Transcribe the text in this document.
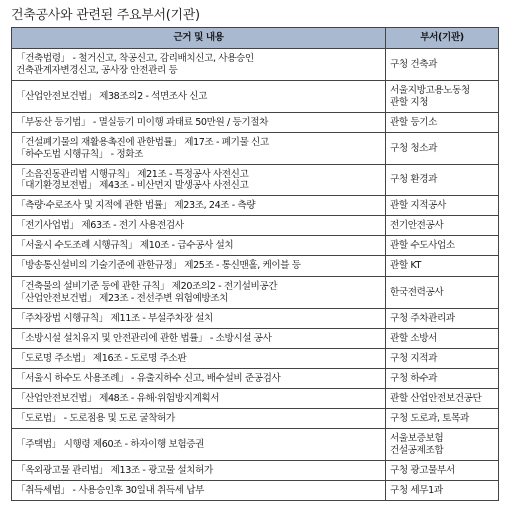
건축공사와 관련된 주요부서(기관)
근거 및 내용	부서(기관)
「건축법령」 - 철거신고, 착공신고, 감리배치신고, 사용승인
건축관계자변경신고, 공사장 안전관리 등	구청 건축과
「산업안전보건법」 제38조의2 - 석면조사 신고	서울지방고용노동청
관할 지청
「부동산 등기법」 - 멸실등기 미이행 과태료 50만원 / 등기절차	관할 등기소
「건설폐기물의 재활용촉진에 관한법률」 제17조 - 폐기물 신고
「하수도법 시행규칙」 - 정화조	구청 청소과
「소음진동관리법 시행규칙」 제21조 - 특정공사 사전신고
「대기환경보전법」 제43조 - 비산먼지 발생공사 사전신고	구청 환경과
「측량·수로조사 및 지적에 관한 법률」 제23조, 24조 - 측량	관할 지적공사
「전기사업법」 제63조 - 전기 사용전검사	전기안전공사
「서울시 수도조례 시행규칙」 제10조 - 급수공사 설치	관할 수도사업소
「방송통신설비의 기술기준에 관한규정」 제25조 - 통신맨홀, 케이블 등	관할 KT
「건축물의 설비기준 등에 관한 규칙」 제20조의2 - 전기설비공간
「산업안전보건법」 제23조 - 전선주변 위험예방조치	한국전력공사
「주차장법 시행규칙」 제11조 - 부설주차장 설치	구청 주차관리과
「소방시설 설치유지 및 안전관리에 관한 법률」 - 소방시설 공사	관할 소방서
「도로명 주소법」 제16조 - 도로명 주소판	구청 지적과
「서울시 하수도 사용조례」 - 유출지하수 신고, 배수설비 준공검사	구청 하수과
「산업안전보건법」 제48조 - 유해·위험방지계획서	관할 산업안전보건공단
「도로법」 - 도로점용 및 도로 굴착허가	구청 도로과, 토목과
「주택법」 시행령 제60조 - 하자이행 보험증권	서울보증보험
건설공제조합
「옥외광고물 관리법」 제13조 - 광고물 설치허가	구청 광고물부서
「취득세법」 - 사용승인후 30일내 취득세 납부	구청 세무1과
